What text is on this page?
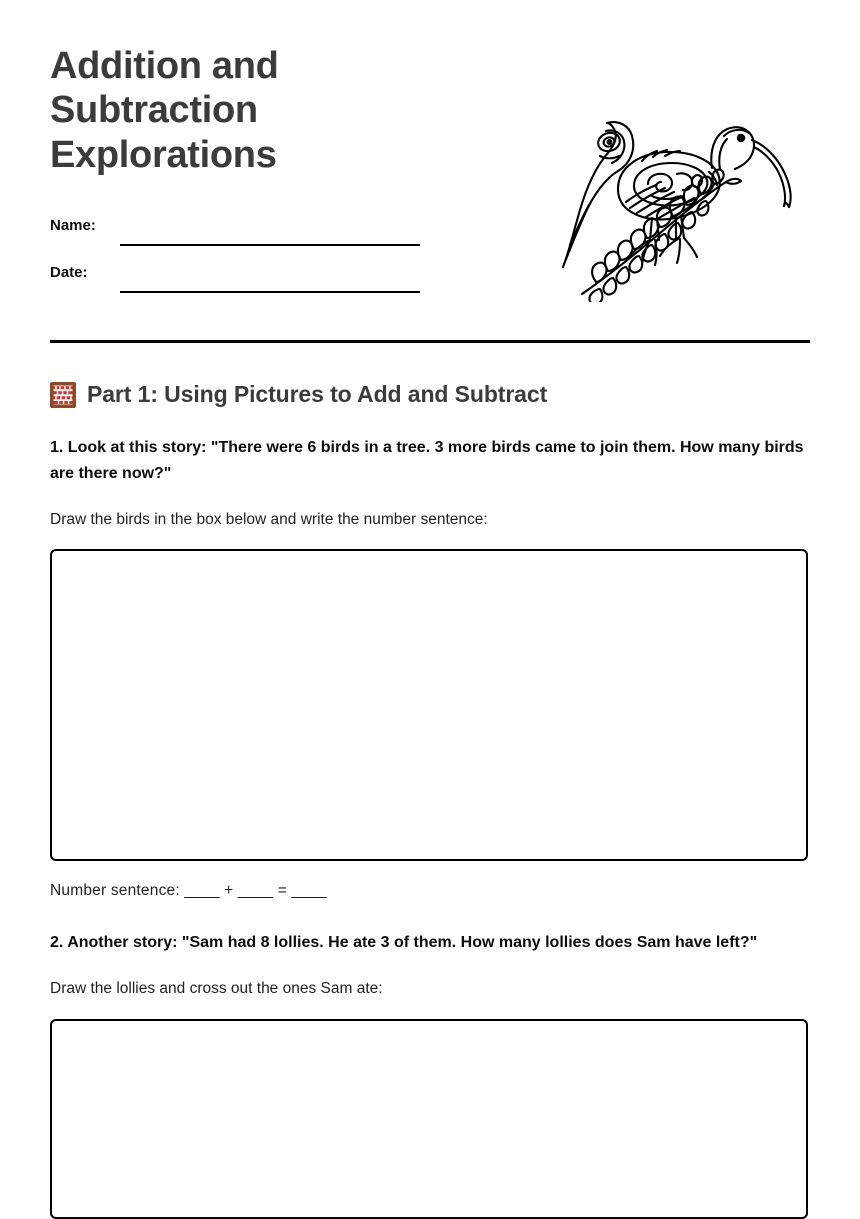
Addition and
Subtraction
Explorations
Name:
Date:
Part 1: Using Pictures to Add and Subtract
1. Look at this story: "There were 6 birds in a tree. 3 more birds came to join them. How many birds are there now?"
Draw the birds in the box below and write the number sentence:
Number sentence: ____ + ____ = ____
2. Another story: "Sam had 8 lollies. He ate 3 of them. How many lollies does Sam have left?"
Draw the lollies and cross out the ones Sam ate:
